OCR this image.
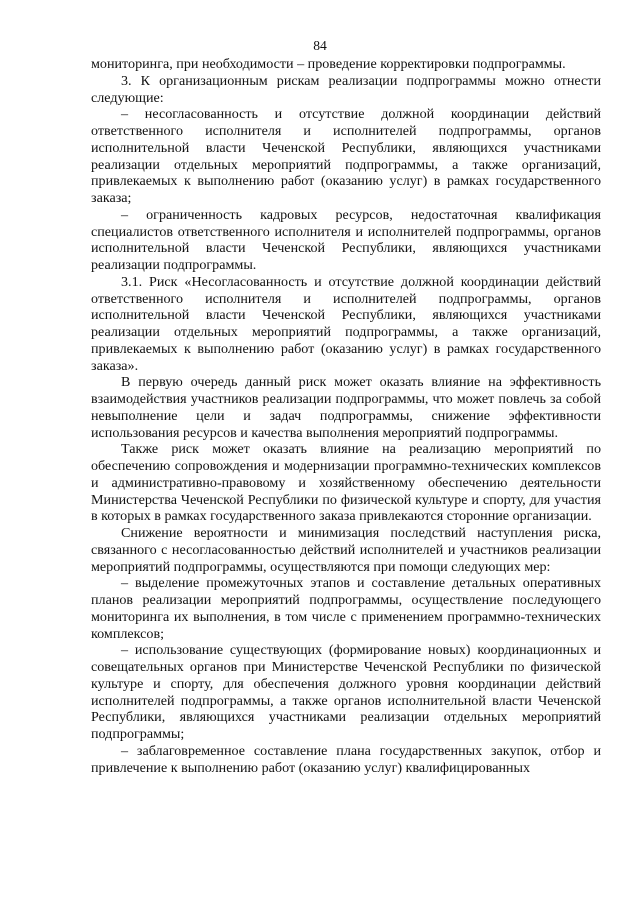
84

мониторинга, при необходимости – проведение корректировки подпрограммы.

3. К организационным рискам реализации подпрограммы можно отнести следующие:

– несогласованность и отсутствие должной координации действий ответственного исполнителя и исполнителей подпрограммы, органов исполнительной власти Чеченской Республики, являющихся участниками реализации отдельных мероприятий подпрограммы, а также организаций, привлекаемых к выполнению работ (оказанию услуг) в рамках государственного заказа;

– ограниченность кадровых ресурсов, недостаточная квалификация специалистов ответственного исполнителя и исполнителей подпрограммы, органов исполнительной власти Чеченской Республики, являющихся участниками реализации подпрограммы.

3.1. Риск «Несогласованность и отсутствие должной координации действий ответственного исполнителя и исполнителей подпрограммы, органов исполнительной власти Чеченской Республики, являющихся участниками реализации отдельных мероприятий подпрограммы, а также организаций, привлекаемых к выполнению работ (оказанию услуг) в рамках государственного заказа».

В первую очередь данный риск может оказать влияние на эффективность взаимодействия участников реализации подпрограммы, что может повлечь за собой невыполнение цели и задач подпрограммы, снижение эффективности использования ресурсов и качества выполнения мероприятий подпрограммы.

Также риск может оказать влияние на реализацию мероприятий по обеспечению сопровождения и модернизации программно-технических комплексов и административно-правовому и хозяйственному обеспечению деятельности Министерства Чеченской Республики по физической культуре и спорту, для участия в которых в рамках государственного заказа привлекаются сторонние организации.

Снижение вероятности и минимизация последствий наступления риска, связанного с несогласованностью действий исполнителей и участников реализации мероприятий подпрограммы, осуществляются при помощи следующих мер:

– выделение промежуточных этапов и составление детальных оперативных планов реализации мероприятий подпрограммы, осуществление последующего мониторинга их выполнения, в том числе с применением программно-технических комплексов;

– использование существующих (формирование новых) координационных и совещательных органов при Министерстве Чеченской Республики по физической культуре и спорту, для обеспечения должного уровня координации действий исполнителей подпрограммы, а также органов исполнительной власти Чеченской Республики, являющихся участниками реализации отдельных мероприятий подпрограммы;

– заблаговременное составление плана государственных закупок, отбор и привлечение к выполнению работ (оказанию услуг) квалифицированных
